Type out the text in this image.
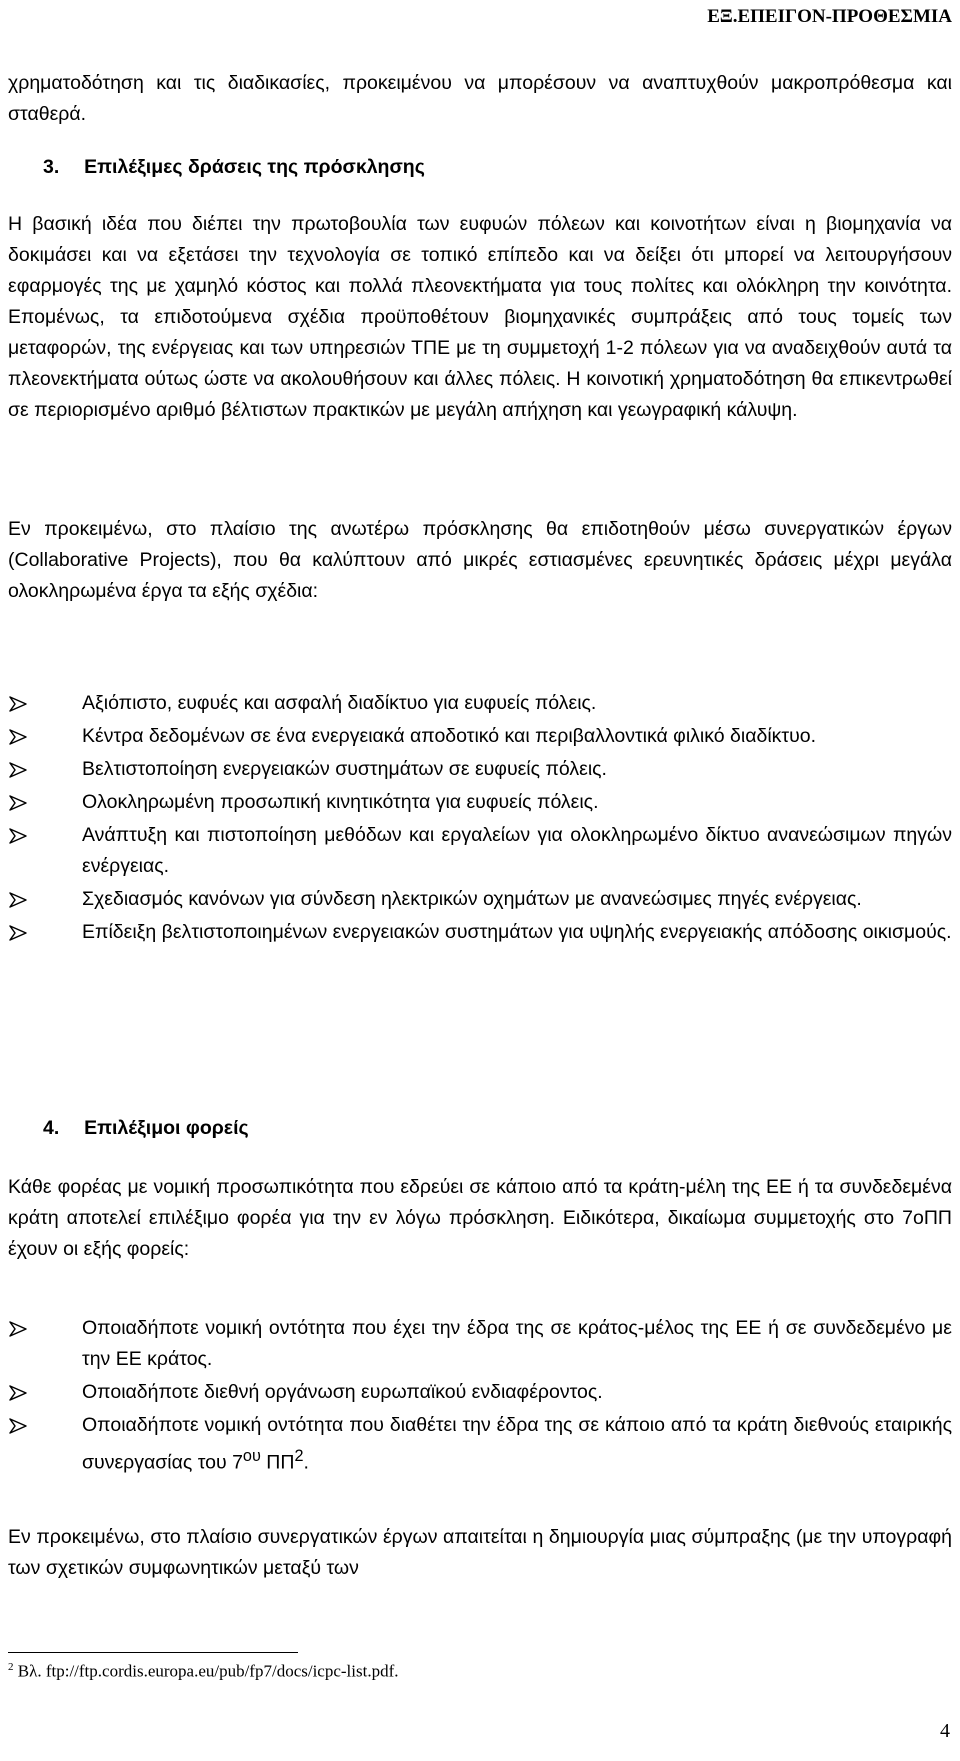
ΕΞ.ΕΠΕΙΓΟΝ-ΠΡΟΘΕΣΜΙΑ

χρηματοδότηση και τις διαδικασίες, προκειμένου να μπορέσουν να αναπτυχθούν μακροπρόθεσμα και σταθερά.

3. Επιλέξιμες δράσεις της πρόσκλησης

Η βασική ιδέα που διέπει την πρωτοβουλία των ευφυών πόλεων και κοινοτήτων είναι η βιομηχανία να δοκιμάσει και να εξετάσει την τεχνολογία σε τοπικό επίπεδο και να δείξει ότι μπορεί να λειτουργήσουν εφαρμογές της με χαμηλό κόστος και πολλά πλεονεκτήματα για τους πολίτες και ολόκληρη την κοινότητα. Επομένως, τα επιδοτούμενα σχέδια προϋποθέτουν βιομηχανικές συμπράξεις από τους τομείς των μεταφορών, της ενέργειας και των υπηρεσιών ΤΠΕ με τη συμμετοχή 1-2 πόλεων για να αναδειχθούν αυτά τα πλεονεκτήματα ούτως ώστε να ακολουθήσουν και άλλες πόλεις. Η κοινοτική χρηματοδότηση θα επικεντρωθεί σε περιορισμένο αριθμό βέλτιστων πρακτικών με μεγάλη απήχηση και γεωγραφική κάλυψη.

Εν προκειμένω, στο πλαίσιο της ανωτέρω πρόσκλησης θα επιδοτηθούν μέσω συνεργατικών έργων (Collaborative Projects), που θα καλύπτουν από μικρές εστιασμένες ερευνητικές δράσεις μέχρι μεγάλα ολοκληρωμένα έργα τα εξής σχέδια:

Αξιόπιστο, ευφυές και ασφαλή διαδίκτυο για ευφυείς πόλεις.
Κέντρα δεδομένων σε ένα ενεργειακά αποδοτικό και περιβαλλοντικά φιλικό διαδίκτυο.
Βελτιστοποίηση ενεργειακών συστημάτων σε ευφυείς πόλεις.
Ολοκληρωμένη προσωπική κινητικότητα για ευφυείς πόλεις.
Ανάπτυξη και πιστοποίηση μεθόδων και εργαλείων για ολοκληρωμένο δίκτυο ανανεώσιμων πηγών ενέργειας.
Σχεδιασμός κανόνων για σύνδεση ηλεκτρικών οχημάτων με ανανεώσιμες πηγές ενέργειας.
Επίδειξη βελτιστοποιημένων ενεργειακών συστημάτων για υψηλής ενεργειακής απόδοσης οικισμούς.
4. Επιλέξιμοι φορείς

Κάθε φορέας με νομική προσωπικότητα που εδρεύει σε κάποιο από τα κράτη-μέλη της ΕΕ ή τα συνδεδεμένα κράτη αποτελεί επιλέξιμο φορέα για την εν λόγω πρόσκληση. Ειδικότερα, δικαίωμα συμμετοχής στο 7οΠΠ έχουν οι εξής φορείς:

Οποιαδήποτε νομική οντότητα που έχει την έδρα της σε κράτος-μέλος της ΕΕ ή σε συνδεδεμένο με την ΕΕ κράτος.
Οποιαδήποτε διεθνή οργάνωση ευρωπαϊκού ενδιαφέροντος.
Οποιαδήποτε νομική οντότητα που διαθέτει την έδρα της σε κάποιο από τα κράτη διεθνούς εταιρικής συνεργασίας του $7^{o\upsilon}$ $\Pi\Pi^2$.

Εν προκειμένω, στο πλαίσιο συνεργατικών έργων απαιτείται η δημιουργία μιας σύμπραξης (με την υπογραφή των σχετικών συμφωνητικών μεταξύ των

$^2$ Βλ. ftp://ftp.cordis.europa.eu/pub/fp7/docs/icpc-list.pdf.
4
